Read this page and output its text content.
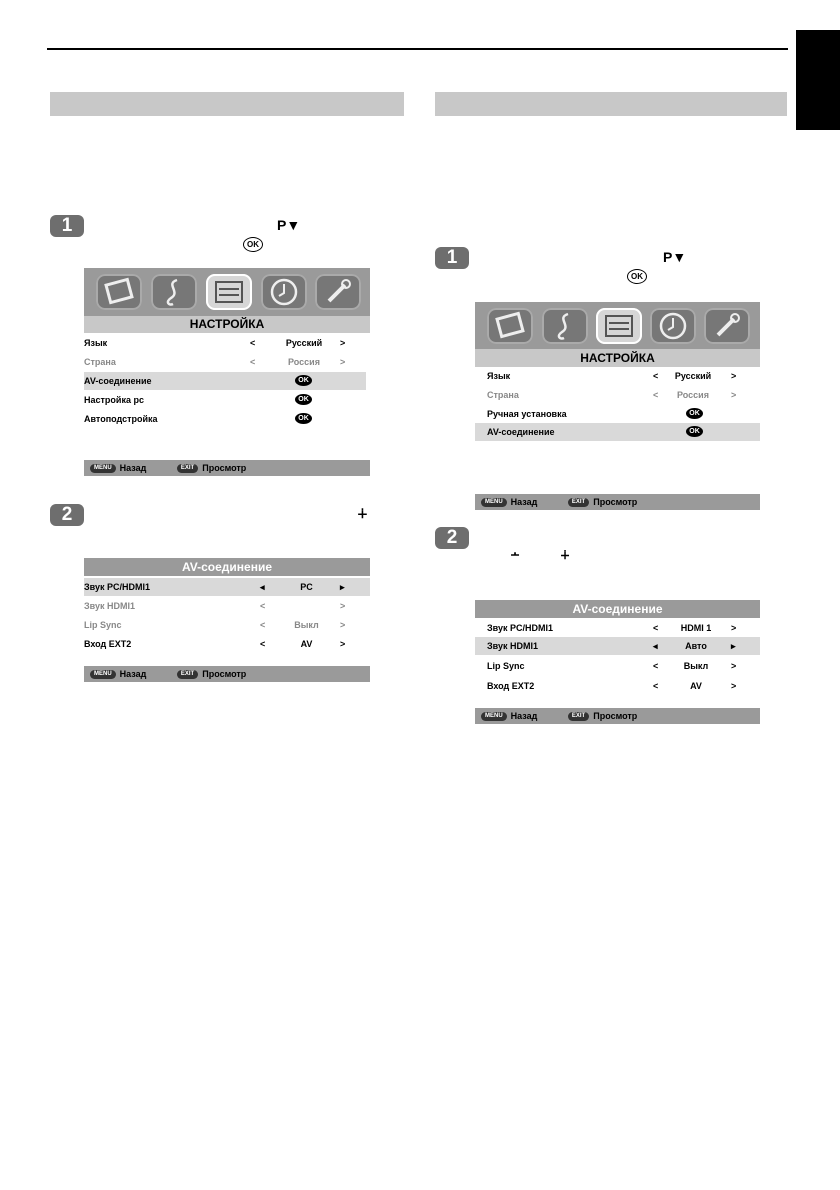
1	P▼
OK
НАСТРОЙКА
Язык	<	Русский	>
Страна	<	Россия	>
AV-соединение	OK
Настройка рс	OK
Автоподстройка	OK
MENU Назад	EXIT Просмотр
2	∔
AV-соединение
Звук PC/HDMI1	◂	PC	▸
Звук HDMI1	<	>
Lip Sync	<	Выкл	>
Вход EXT2	<	AV	>
MENU Назад	EXIT Просмотр
1	P▼
OK
НАСТРОЙКА
Язык	<	Русский	>
Страна	<	Россия	>
Ручная установка	OK
AV-соединение	OK
MENU Назад	EXIT Просмотр
2
∸	∔
AV-соединение
Звук PC/HDMI1	<	HDMI 1	>
Звук HDMI1	◂	Авто	▸
Lip Sync	<	Выкл	>
Вход EXT2	<	AV	>
MENU Назад	EXIT Просмотр
